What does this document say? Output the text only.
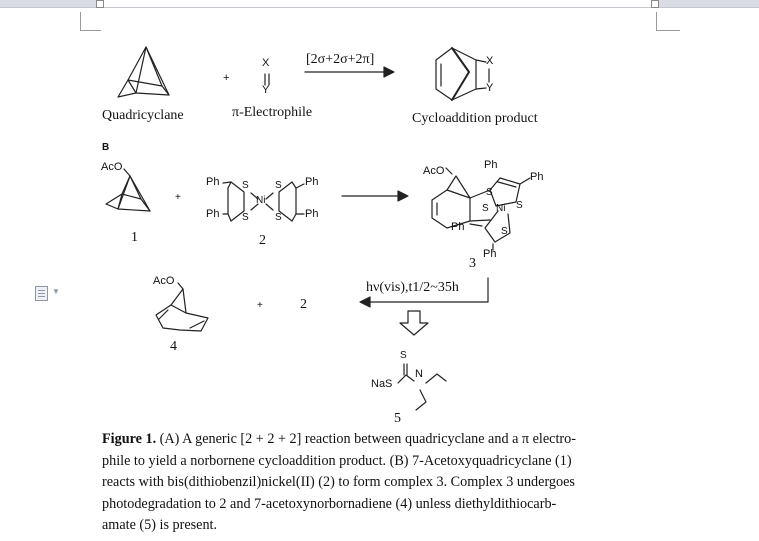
▼
Quadricyclane
+
X
Y
π-Electrophile
[2σ+2σ+2π]	X
Y
Cycloaddition product
B
AcO
1
+
Ph	Ph
Ph	Ph
S	S
S	S
Ni
2
AcO	Ph
Ph
Ph
Ph
S
S	S
S
Ni
3
AcO
4
+	2
hν(vis),t1/2~35h
S
NaS
N
5
Figure 1. (A) A generic [2 + 2 + 2] reaction between quadricyclane and a π electro-
phile to yield a norbornene cycloaddition product. (B) 7-Acetoxyquadricyclane (1)
reacts with bis(dithiobenzil)nickel(II) (2) to form complex 3. Complex 3 undergoes
photodegradation to 2 and 7-acetoxynorbornadiene (4) unless diethyldithiocarb-
amate (5) is present.
